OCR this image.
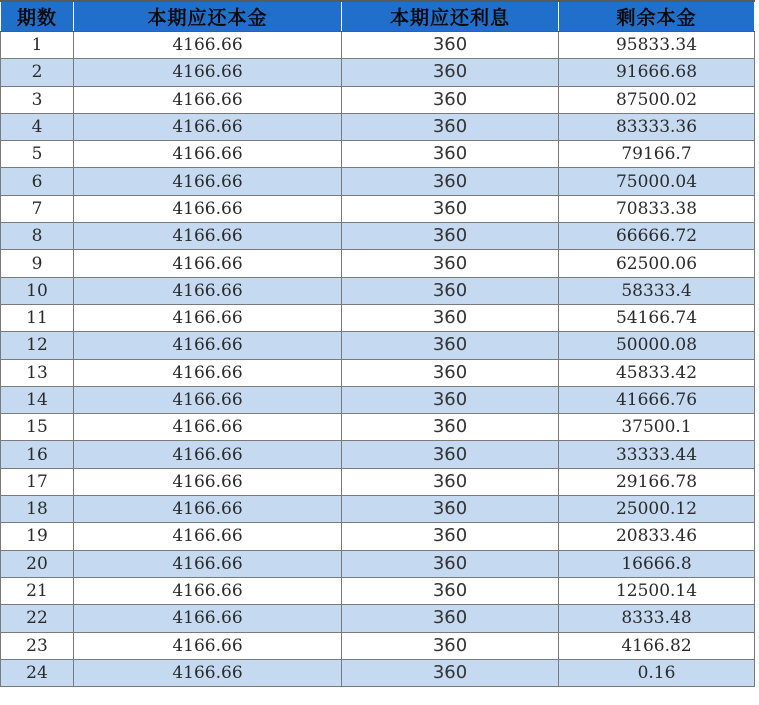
期数	本期应还本金	本期应还利息	剩余本金
1	4166.66	360	95833.34
2	4166.66	360	91666.68
3	4166.66	360	87500.02
4	4166.66	360	83333.36
5	4166.66	360	79166.7
6	4166.66	360	75000.04
7	4166.66	360	70833.38
8	4166.66	360	66666.72
9	4166.66	360	62500.06
10	4166.66	360	58333.4
11	4166.66	360	54166.74
12	4166.66	360	50000.08
13	4166.66	360	45833.42
14	4166.66	360	41666.76
15	4166.66	360	37500.1
16	4166.66	360	33333.44
17	4166.66	360	29166.78
18	4166.66	360	25000.12
19	4166.66	360	20833.46
20	4166.66	360	16666.8
21	4166.66	360	12500.14
22	4166.66	360	8333.48
23	4166.66	360	4166.82
24	4166.66	360	0.16
